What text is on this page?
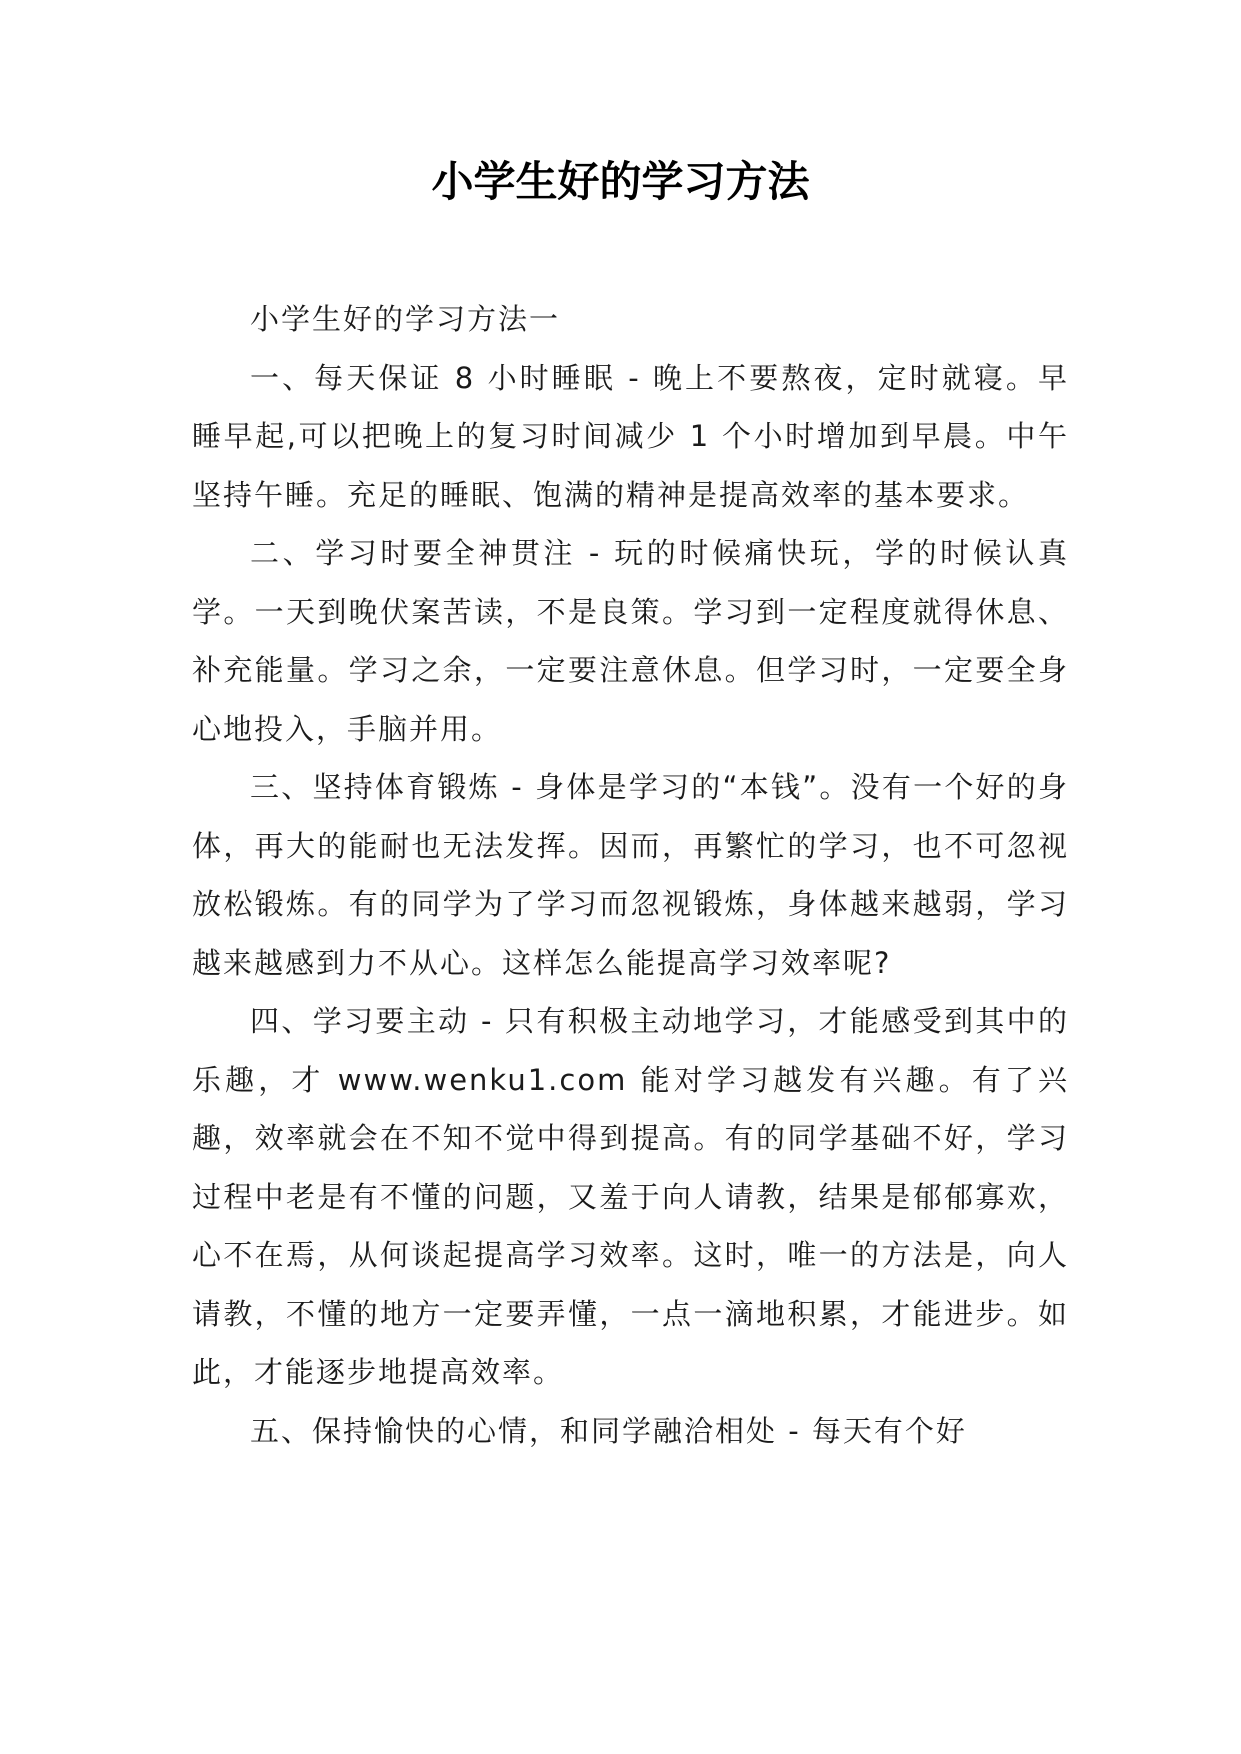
小学生好的学习方法

小学生好的学习方法一

一、每天保证 8 小时睡眠 - 晚上不要熬夜，定时就寝。早睡早起,可以把晚上的复习时间减少 1 个小时增加到早晨。中午坚持午睡。充足的睡眠、饱满的精神是提高效率的基本要求。

二、学习时要全神贯注 - 玩的时候痛快玩，学的时候认真学。一天到晚伏案苦读，不是良策。学习到一定程度就得休息、补充能量。学习之余，一定要注意休息。但学习时，一定要全身心地投入，手脑并用。

三、坚持体育锻炼 - 身体是学习的“本钱”。没有一个好的身体，再大的能耐也无法发挥。因而，再繁忙的学习，也不可忽视放松锻炼。有的同学为了学习而忽视锻炼，身体越来越弱，学习越来越感到力不从心。这样怎么能提高学习效率呢?

四、学习要主动 - 只有积极主动地学习，才能感受到其中的乐趣，才 www.wenku1.com 能对学习越发有兴趣。有了兴趣，效率就会在不知不觉中得到提高。有的同学基础不好，学习过程中老是有不懂的问题，又羞于向人请教，结果是郁郁寡欢，心不在焉，从何谈起提高学习效率。这时，唯一的方法是，向人请教，不懂的地方一定要弄懂，一点一滴地积累，才能进步。如此，才能逐步地提高效率。

五、保持愉快的心情，和同学融洽相处 - 每天有个好
